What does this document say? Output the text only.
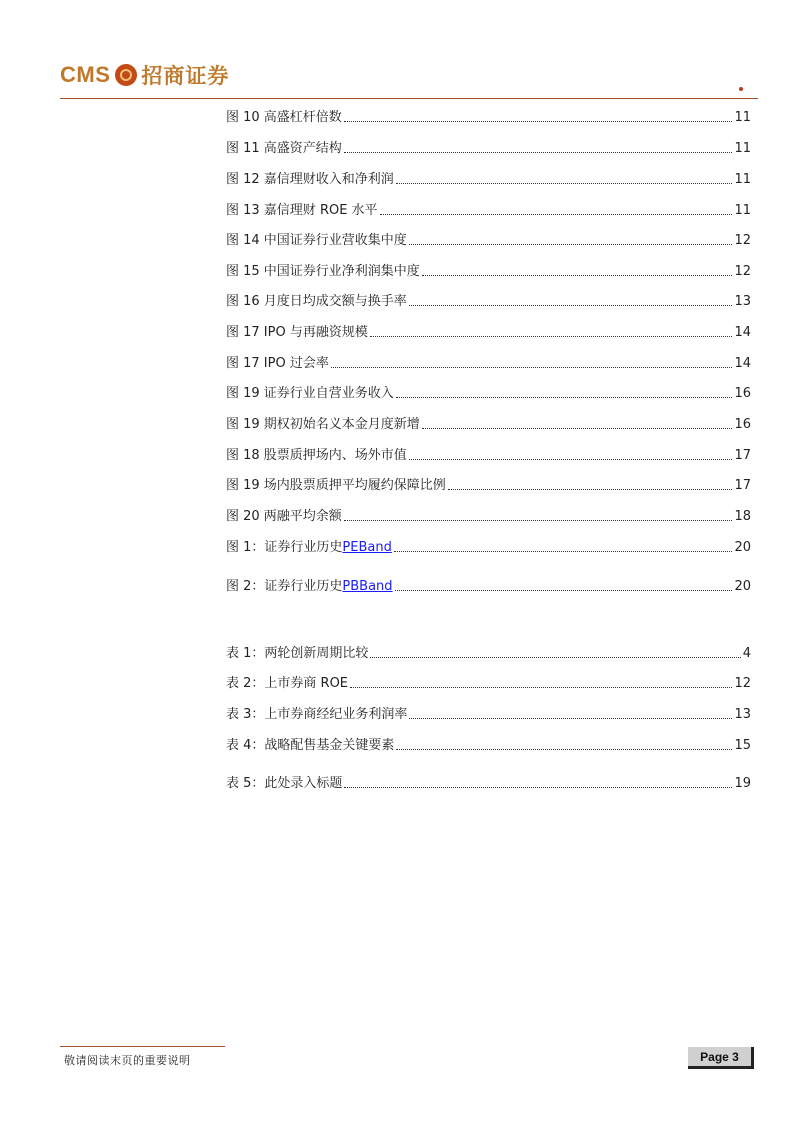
CMS 招商证券
图 10 高盛杠杆倍数	11
图 11 高盛资产结构	11
图 12 嘉信理财收入和净利润	11
图 13 嘉信理财 ROE 水平	11
图 14 中国证券行业营收集中度	12
图 15 中国证券行业净利润集中度	12
图 16 月度日均成交额与换手率	13
图 17 IPO 与再融资规模	14
图 17 IPO 过会率	14
图 19 证券行业自营业务收入	16
图 19 期权初始名义本金月度新增	16
图 18 股票质押场内、场外市值	17
图 19 场内股票质押平均履约保障比例	17
图 20 两融平均余额	18
图 1：证券行业历史PEBand	20
图 2：证券行业历史PBBand	20
表 1：两轮创新周期比较	4
表 2：上市券商 ROE	12
表 3：上市券商经纪业务利润率	13
表 4：战略配售基金关键要素	15
表 5：此处录入标题	19
敬请阅读末页的重要说明	Page 3
